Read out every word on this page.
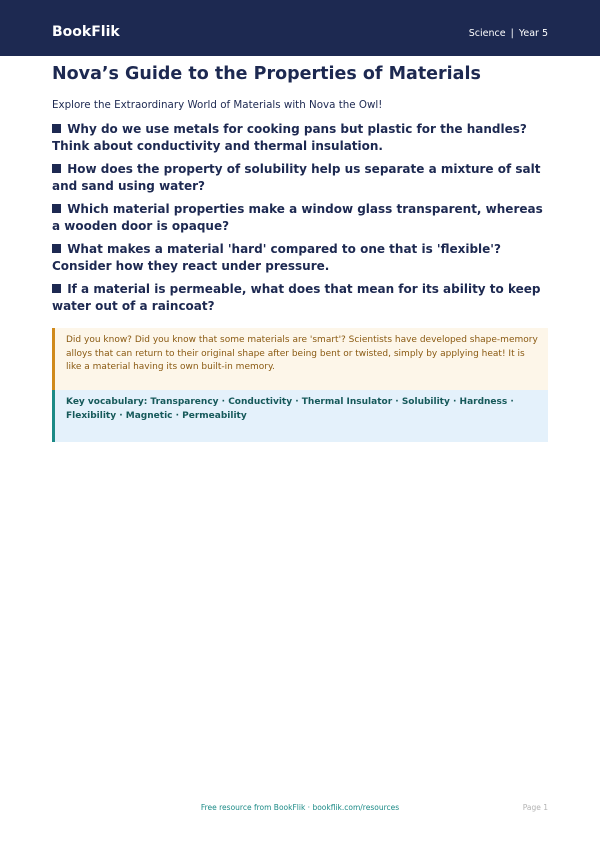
BookFlik	Science | Year 5
Nova’s Guide to the Properties of Materials
Explore the Extraordinary World of Materials with Nova the Owl!
Why do we use metals for cooking pans but plastic for the handles? Think about conductivity and thermal insulation.
How does the property of solubility help us separate a mixture of salt and sand using water?
Which material properties make a window glass transparent, whereas a wooden door is opaque?
What makes a material 'hard' compared to one that is 'flexible'? Consider how they react under pressure.
If a material is permeable, what does that mean for its ability to keep water out of a raincoat?
Did you know? Did you know that some materials are 'smart'? Scientists have developed shape-memory alloys that can return to their original shape after being bent or twisted, simply by applying heat! It is like a material having its own built-in memory.
Key vocabulary: Transparency · Conductivity · Thermal Insulator · Solubility · Hardness · Flexibility · Magnetic · Permeability
Free resource from BookFlik · bookflik.com/resources	Page 1
